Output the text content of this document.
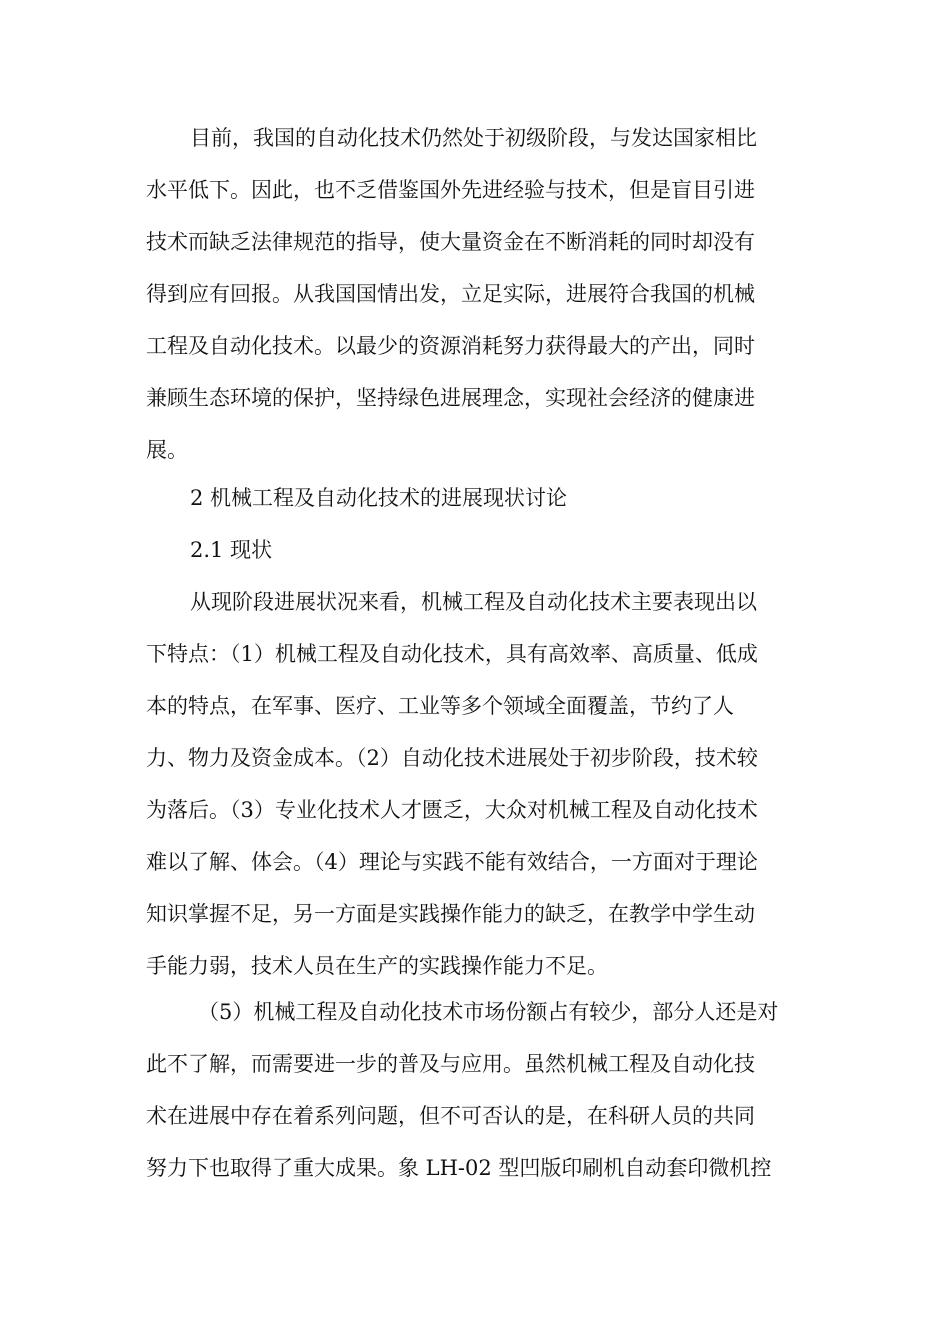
目前，我国的自动化技术仍然处于初级阶段，与发达国家相比
水平低下。因此，也不乏借鉴国外先进经验与技术，但是盲目引进
技术而缺乏法律规范的指导，使大量资金在不断消耗的同时却没有
得到应有回报。从我国国情出发，立足实际，进展符合我国的机械
工程及自动化技术。以最少的资源消耗努力获得最大的产出，同时
兼顾生态环境的保护，坚持绿色进展理念，实现社会经济的健康进
展。
2 机械工程及自动化技术的进展现状讨论
2.1 现状
从现阶段进展状况来看，机械工程及自动化技术主要表现出以
下特点：（1）机械工程及自动化技术，具有高效率、高质量、低成
本的特点，在军事、医疗、工业等多个领域全面覆盖，节约了人
力、物力及资金成本。（2）自动化技术进展处于初步阶段，技术较
为落后。（3）专业化技术人才匮乏，大众对机械工程及自动化技术
难以了解、体会。（4）理论与实践不能有效结合，一方面对于理论
知识掌握不足，另一方面是实践操作能力的缺乏，在教学中学生动
手能力弱，技术人员在生产的实践操作能力不足。
（5）机械工程及自动化技术市场份额占有较少，部分人还是对
此不了解，而需要进一步的普及与应用。虽然机械工程及自动化技
术在进展中存在着系列问题，但不可否认的是，在科研人员的共同
努力下也取得了重大成果。象 LH-02 型凹版印刷机自动套印微机控
